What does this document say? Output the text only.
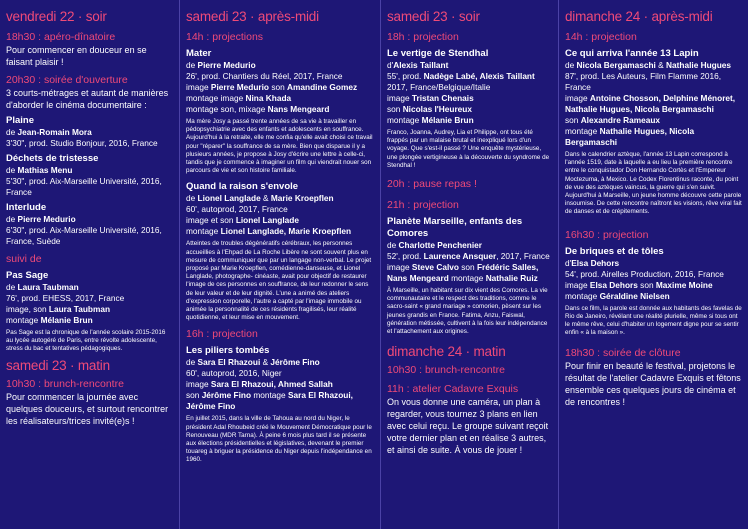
vendredi 22 · soir
18h30 : apéro-dînatoire
Pour commencer en douceur en se faisant plaisir !
20h30 : soirée d'ouverture
3 courts-métrages et autant de manières d'aborder le cinéma documentaire :
Plaine
de Jean-Romain Mora
3'30", prod. Studio Bonjour, 2016, France
Déchets de tristesse
de Mathias Menu
5'30", prod. Aix-Marseille Université, 2016, France
Interlude
de Pierre Medurio
6'30", prod. Aix-Marseille Université, 2016, France, Suède
suivi de
Pas Sage
de Laura Taubman
76', prod. EHESS, 2017, France
image, son Laura Taubman
montage Mélanie Brun
Pas Sage est la chronique de l'année scolaire 2015-2016 au lycée autogéré de Paris, entre révolte adolescente, stress du bac et tentatives pédagogiques.
samedi 23 · matin
10h30 : brunch-rencontre
Pour commencer la journée avec quelques douceurs, et surtout rencontrer les réalisateurs/trices invité(e)s !
samedi 23 · après-midi
14h : projections
Mater
de Pierre Medurio
26', prod. Chantiers du Réel, 2017, France
image Pierre Medurio son Amandine Gomez
montage image Nina Khada
montage son, mixage Nans Mengeard
Ma mère Josy a passé trente années de sa vie à travailler en pédopsychiatrie avec des enfants et adolescents en souffrance. Aujourd'hui à la retraite, elle me confia qu'elle avait choisi ce travail pour "réparer" la souffrance de sa mère. Bien que disparue il y a plusieurs années, je propose à Josy d'écrire une lettre à celle-ci, tandis que je commence à imaginer un film qui viendrait nouer son parcours de vie et son histoire familiale.
Quand la raison s'envole
de Lionel Langlade & Marie Kroepflen
60', autoprod, 2017, France
image et son Lionel Langlade
montage Lionel Langlade, Marie Kroepflen
Atteintes de troubles dégénératifs cérébraux, les personnes accueillies à l'Ehpad de La Roche Libère ne sont souvent plus en mesure de communiquer que par un langage non-verbal. Le projet proposé par Marie Kroepflen, comédienne-danseuse, et Lionel Langlade, photographe- cinéaste, avait pour objectif de restaurer l'image de ces personnes en souffrance, de leur redonner le sens de leur valeur et de leur dignité. L'une a animé des ateliers d'expression corporelle, l'autre a capté par l'image immobile ou animée la personnalité de ces résidents fragilisés, leur réalité quotidienne, et leur mise en mouvement.
16h : projection
Les piliers tombés
de Sara El Rhazoui & Jérôme Fino
60', autoprod, 2016, Niger
image Sara El Rhazoui, Ahmed Sallah
son Jérôme Fino montage Sara El Rhazoui, Jérôme Fino
En juillet 2015, dans la ville de Tahoua au nord du Niger, le président Adal Rhoubeid créé le Mouvement Démocratique pour le Renouveau (MDR Tarna). À peine 6 mois plus tard il se présente aux élections présidentielles et législatives, devenant le premier touareg à briguer la présidence du Niger depuis l'indépendance en 1960.
samedi 23 · soir
18h : projection
Le vertige de Stendhal
d'Alexis Taillant
55', prod. Nadège Labé, Alexis Taillant
2017, France/Belgique/Italie
image Tristan Chenais
son Nicolas l'Heureux
montage Mélanie Brun
Franco, Joanna, Audrey, Lia et Philippe, ont tous été frappés par un malaise brutal et inexpliqué lors d'un voyage. Que s'est-il passé ? Une enquête mystérieuse, une plongée vertigineuse à la découverte du syndrome de Stendhal !
20h : pause repas !
21h : projection
Planète Marseille, enfants des Comores
de Charlotte Penchenier
52', prod. Laurence Ansquer, 2017, France
image Steve Calvo son Frédéric Salles,
Nans Mengeard montage Nathalie Ruiz
À Marseille, un habitant sur dix vient des Comores. La vie communautaire et le respect des traditions, comme le sacro-saint « grand mariage » comorien, pèsent sur les jeunes grandis en France. Fatima, Anzu, Faiswal, génération métissée, cultivent à la fois leur indépendance et l'attachement aux origines.
dimanche 24 · matin
10h30 : brunch-rencontre
11h : atelier Cadavre Exquis
On vous donne une caméra, un plan à regarder, vous tournez 3 plans en lien avec celui reçu. Le groupe suivant reçoit votre dernier plan et en réalise 3 autres, et ainsi de suite. À vous de jouer !
dimanche 24 · après-midi
14h : projection
Ce qui arriva l'année 13 Lapin
de Nicola Bergamaschi & Nathalie Hugues
87', prod. Les Auteurs, Film Flamme 2016, France
image Antoine Chosson, Delphine Ménoret, Nathalie Hugues, Nicola Bergamaschi
son Alexandre Rameaux
montage Nathalie Hugues, Nicola Bergamaschi
Dans le calendrier aztèque, l'année 13 Lapin correspond à l'année 1519, date à laquelle a eu lieu la première rencontre entre le conquistador Don Hernando Cortès et l'Empereur Moctezuma, à Mexico. Le Codex Florentinus raconte, du point de vue des aztèques vaincus, la guerre qui s'en suivit. Aujourd'hui à Marseille, un jeune homme découvre cette parole insoumise. De cette rencontre naîtront les visions, rêve viral fait de danses et de crépitements.
16h30 : projection
De briques et de tôles
d'Elsa Dehors
54', prod. Airelles Production, 2016, France
image Elsa Dehors son Maxime Moine
montage Géraldine Nielsen
Dans ce film, la parole est donnée aux habitants des favelas de Rio de Janeiro, révélant une réalité plurielle, même si tous ont le même rêve, celui d'habiter un logement digne pour se sentir enfin « à la maison ».
18h30 : soirée de clôture
Pour finir en beauté le festival, projetons le résultat de l'atelier Cadavre Exquis et fêtons ensemble ces quelques jours de cinéma et de rencontres !
